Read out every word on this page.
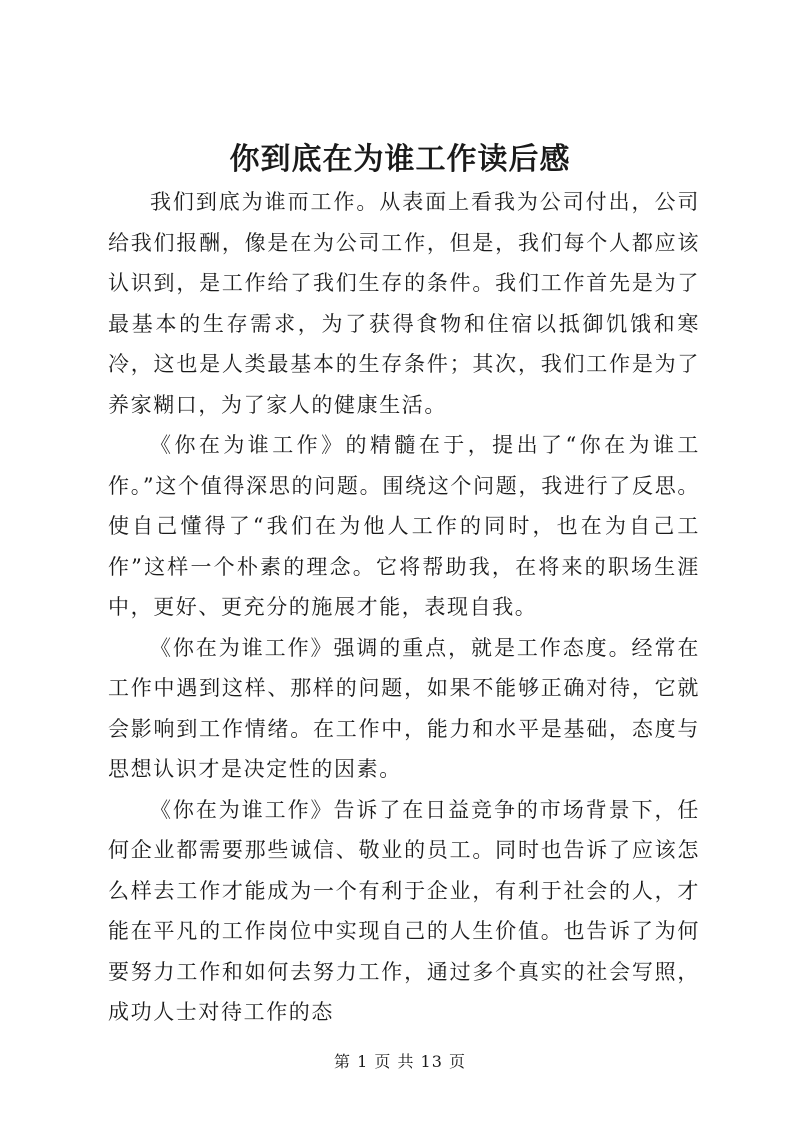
你到底在为谁工作读后感

我们到底为谁而工作。从表面上看我为公司付出，公司给我们报酬，像是在为公司工作，但是，我们每个人都应该认识到，是工作给了我们生存的条件。我们工作首先是为了最基本的生存需求，为了获得食物和住宿以抵御饥饿和寒冷，这也是人类最基本的生存条件；其次，我们工作是为了养家糊口，为了家人的健康生活。

《你在为谁工作》的精髓在于，提出了“你在为谁工作。”这个值得深思的问题。围绕这个问题，我进行了反思。使自己懂得了“我们在为他人工作的同时，也在为自己工作”这样一个朴素的理念。它将帮助我，在将来的职场生涯中，更好、更充分的施展才能，表现自我。

《你在为谁工作》强调的重点，就是工作态度。经常在工作中遇到这样、那样的问题，如果不能够正确对待，它就会影响到工作情绪。在工作中，能力和水平是基础，态度与思想认识才是决定性的因素。

《你在为谁工作》告诉了在日益竞争的市场背景下，任何企业都需要那些诚信、敬业的员工。同时也告诉了应该怎么样去工作才能成为一个有利于企业，有利于社会的人，才能在平凡的工作岗位中实现自己的人生价值。也告诉了为何要努力工作和如何去努力工作，通过多个真实的社会写照，成功人士对待工作的态

第 1 页 共 13 页
